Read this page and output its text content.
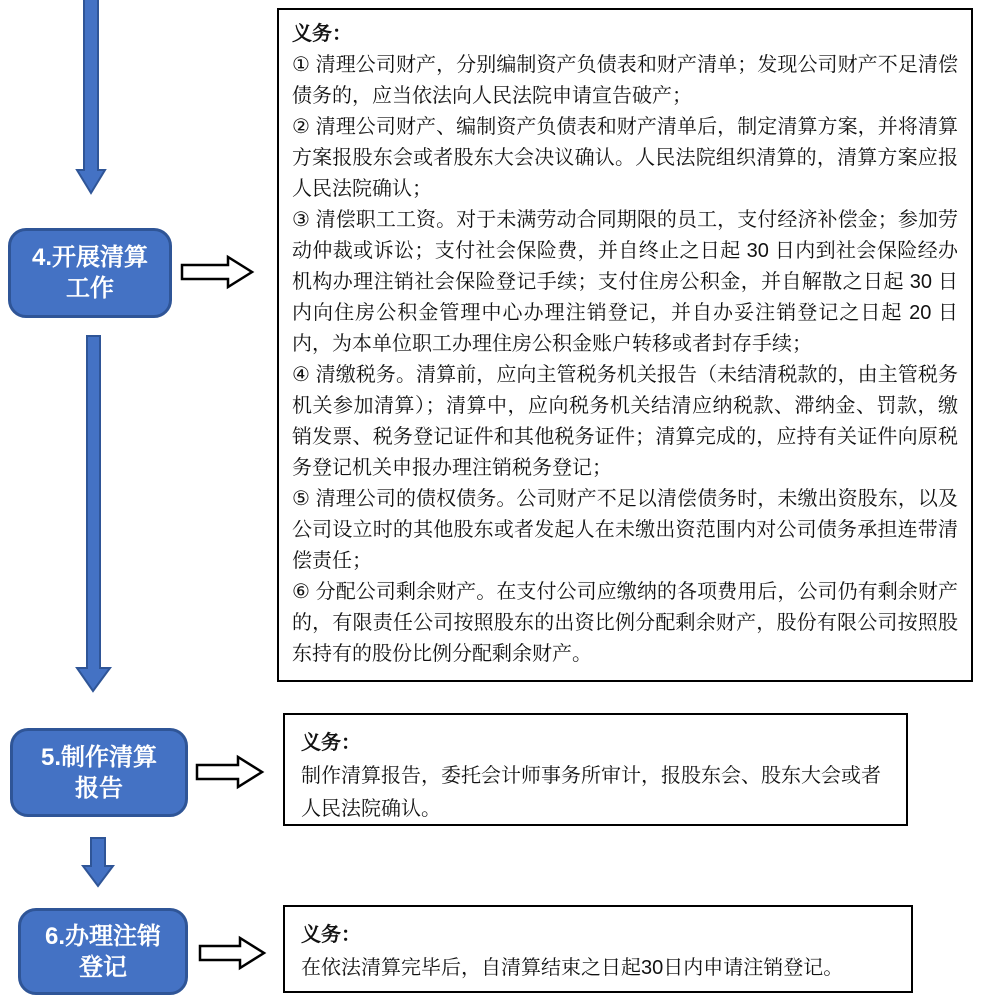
4.开展清算
工作

义务：

① 清理公司财产，分别编制资产负债表和财产清单；发现公司财产不足清偿债务的，应当依法向人民法院申请宣告破产；

② 清理公司财产、编制资产负债表和财产清单后，制定清算方案，并将清算方案报股东会或者股东大会决议确认。人民法院组织清算的，清算方案应报人民法院确认；

③ 清偿职工工资。对于未满劳动合同期限的员工，支付经济补偿金；参加劳动仲裁或诉讼；支付社会保险费，并自终止之日起 30 日内到社会保险经办机构办理注销社会保险登记手续；支付住房公积金，并自解散之日起 30 日内向住房公积金管理中心办理注销登记，并自办妥注销登记之日起 20 日内，为本单位职工办理住房公积金账户转移或者封存手续；

④ 清缴税务。清算前，应向主管税务机关报告（未结清税款的，由主管税务机关参加清算）；清算中，应向税务机关结清应纳税款、滞纳金、罚款，缴销发票、税务登记证件和其他税务证件；清算完成的，应持有关证件向原税务登记机关申报办理注销税务登记；

⑤ 清理公司的债权债务。公司财产不足以清偿债务时，未缴出资股东，以及公司设立时的其他股东或者发起人在未缴出资范围内对公司债务承担连带清偿责任；

⑥ 分配公司剩余财产。在支付公司应缴纳的各项费用后，公司仍有剩余财产的，有限责任公司按照股东的出资比例分配剩余财产，股份有限公司按照股东持有的股份比例分配剩余财产。

5.制作清算
报告

义务：

制作清算报告，委托会计师事务所审计，报股东会、股东大会或者人民法院确认。

6.办理注销
登记

义务：

在依法清算完毕后，自清算结束之日起30日内申请注销登记。
